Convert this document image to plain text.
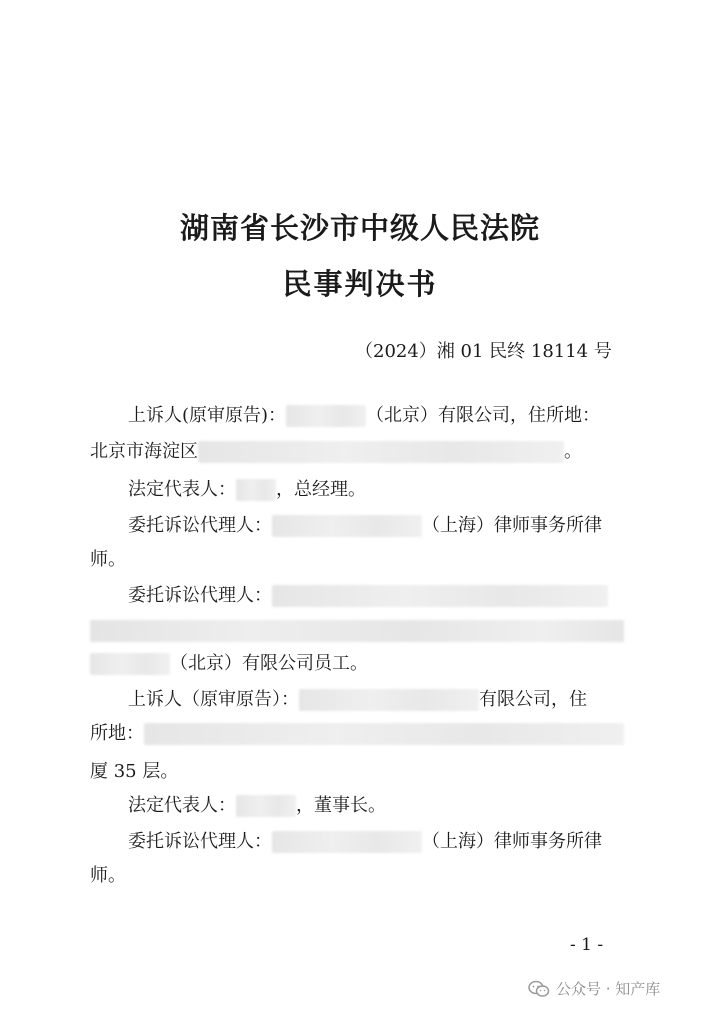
湖南省长沙市中级人民法院
民事判决书
（2024）湘 01 民终 18114 号
上诉人(原审原告)：	（北京）有限公司，住所地：
北京市海淀区	。
法定代表人： ，总经理。
委托诉讼代理人：	（上海）律师事务所律
师。
委托诉讼代理人：
（北京）有限公司员工。
上诉人（原审原告）：	有限公司，住
所地：
厦 35 层。
法定代表人：	，董事长。
委托诉讼代理人：	（上海）律师事务所律
师。
- 1 -
公众号 · 知产库
